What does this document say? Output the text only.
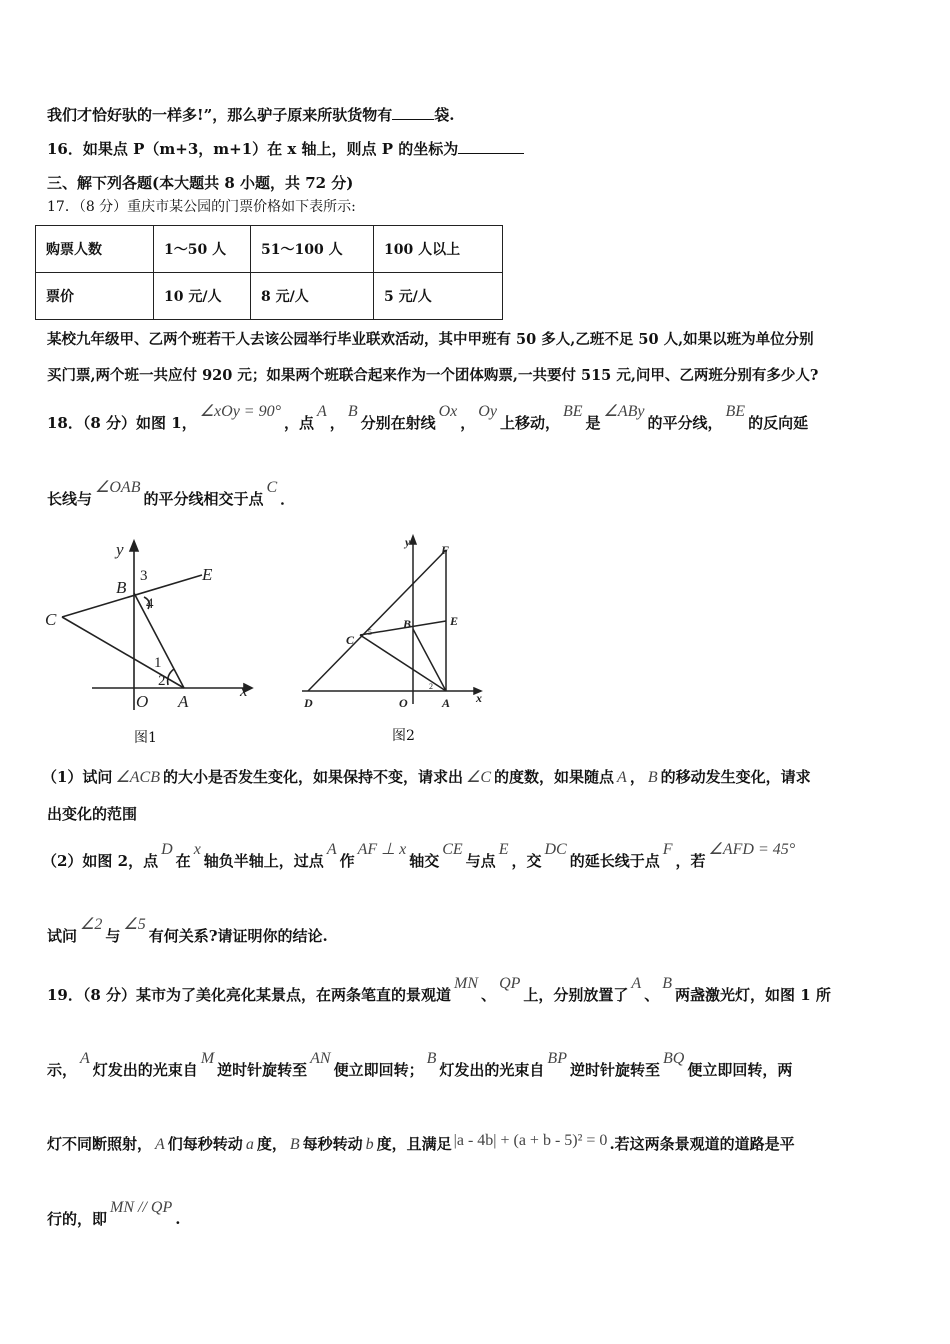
我们才恰好驮的一样多!”，那么驴子原来所驮货物有	袋.
16．如果点 P（m+3，m+1）在 x 轴上，则点 P 的坐标为
三、解下列各题(本大题共 8 小题，共 72 分)
17．（8 分）重庆市某公园的门票价格如下表所示:
购票人数	1～50 人	51～100 人	100 人以上
票价	10 元/人	8 元/人	5 元/人
某校九年级甲、乙两个班若干人去该公园举行毕业联欢活动，其中甲班有 50 多人,乙班不足 50 人,如果以班为单位分别
买门票,两个班一共应付 920 元；如果两个班联合起来作为一个团体购票,一共要付 515 元,问甲、乙两班分别有多少人?
18．（8 分）如图 1，∠xOy = 90°，点A，B分别在射线Ox，Oy上移动，BE是∠ABy的平分线，BE的反向延
长线与∠OAB的平分线相交于点C．
y
x
B
E
C
O A
1
2
3
4
图1
y
x
F
E
B
C
D	O	A
5
2
图2
（1）试问 ∠ACB 的大小是否发生变化，如果保持不变，请求出 ∠C 的度数，如果随点 A ， B 的移动发生变化，请求
出变化的范围
（2）如图 2，点D在x轴负半轴上，过点A作AF ⊥ x轴交CE与点E，交DC的延长线于点F，若∠AFD = 45°
试问∠2与∠5有何关系?请证明你的结论.
19．（8 分）某市为了美化亮化某景点，在两条笔直的景观道MN、QP上，分别放置了A、B两盏激光灯，如图 1 所
示，A灯发出的光束自M逆时针旋转至AN便立即回转；B灯发出的光束自BP逆时针旋转至BQ便立即回转，两
灯不同断照射， A 们每秒转动 a 度， B 每秒转动 b 度，且满足 |a - 4b| + (a + b - 5)² = 0 .若这两条景观道的道路是平
行的，即MN // QP.
